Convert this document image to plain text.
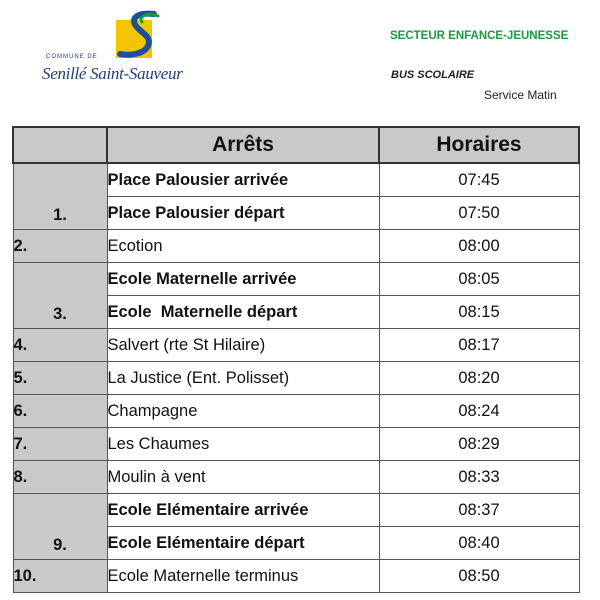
COMMUNE DE
Senillé Saint-Sauveur
SECTEUR ENFANCE-JEUNESSE
BUS SCOLAIRE
Service Matin
	Arrêts	Horaires
1.	Place Palousier arrivée	07:45
	Place Palousier départ	07:50
2.	Ecotion	08:00
3.	Ecole Maternelle arrivée	08:05
	Ecole  Maternelle départ	08:15
4.	Salvert (rte St Hilaire)	08:17
5.	La Justice (Ent. Polisset)	08:20
6.	Champagne	08:24
7.	Les Chaumes	08:29
8.	Moulin à vent	08:33
9.	Ecole Elémentaire arrivée	08:37
	Ecole Elémentaire départ	08:40
10.	Ecole Maternelle terminus	08:50
